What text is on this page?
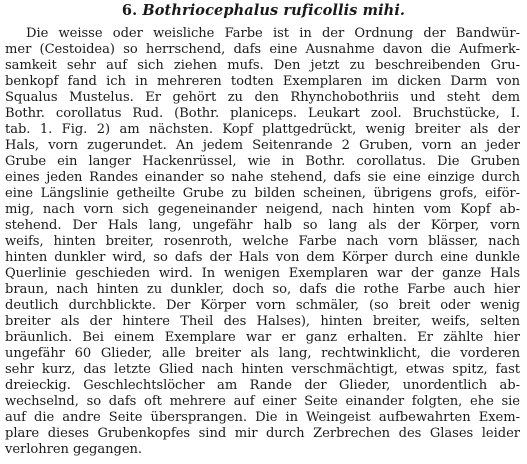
6. Bothriocephalus ruficollis mihi.
Die weisse oder weisliche Farbe ist in der Ordnung der Bandwür-
mer (Cestoidea) so herrschend, dafs eine Ausnahme davon die Aufmerk-
samkeit sehr auf sich ziehen mufs. Den jetzt zu beschreibenden Gru-
benkopf fand ich in mehreren todten Exemplaren im dicken Darm von
Squalus Mustelus. Er gehört zu den Rhynchobothriis und steht dem
Bothr. corollatus Rud. (Bothr. planiceps. Leukart zool. Bruchstücke, I.
tab. 1. Fig. 2) am nächsten. Kopf plattgedrückt, wenig breiter als der
Hals, vorn zugerundet. An jedem Seitenrande 2 Gruben, vorn an jeder
Grube ein langer Hackenrüssel, wie in Bothr. corollatus. Die Gruben
eines jeden Randes einander so nahe stehend, dafs sie eine einzige durch
eine Längslinie getheilte Grube zu bilden scheinen, übrigens grofs, eiför-
mig, nach vorn sich gegeneinander neigend, nach hinten vom Kopf ab-
stehend. Der Hals lang, ungefähr halb so lang als der Körper, vorn
weifs, hinten breiter, rosenroth, welche Farbe nach vorn blässer, nach
hinten dunkler wird, so dafs der Hals von dem Körper durch eine dunkle
Querlinie geschieden wird. In wenigen Exemplaren war der ganze Hals
braun, nach hinten zu dunkler, doch so, dafs die rothe Farbe auch hier
deutlich durchblickte. Der Körper vorn schmäler, (so breit oder wenig
breiter als der hintere Theil des Halses), hinten breiter, weifs, selten
bräunlich. Bei einem Exemplare war er ganz erhalten. Er zählte hier
ungefähr 60 Glieder, alle breiter als lang, rechtwinklicht, die vorderen
sehr kurz, das letzte Glied nach hinten verschmächtigt, etwas spitz, fast
dreieckig. Geschlechtslöcher am Rande der Glieder, unordentlich ab-
wechselnd, so dafs oft mehrere auf einer Seite einander folgten, ehe sie
auf die andre Seite übersprangen. Die in Weingeist aufbewahrten Exem-
plare dieses Grubenkopfes sind mir durch Zerbrechen des Glases leider
verlohren gegangen.
